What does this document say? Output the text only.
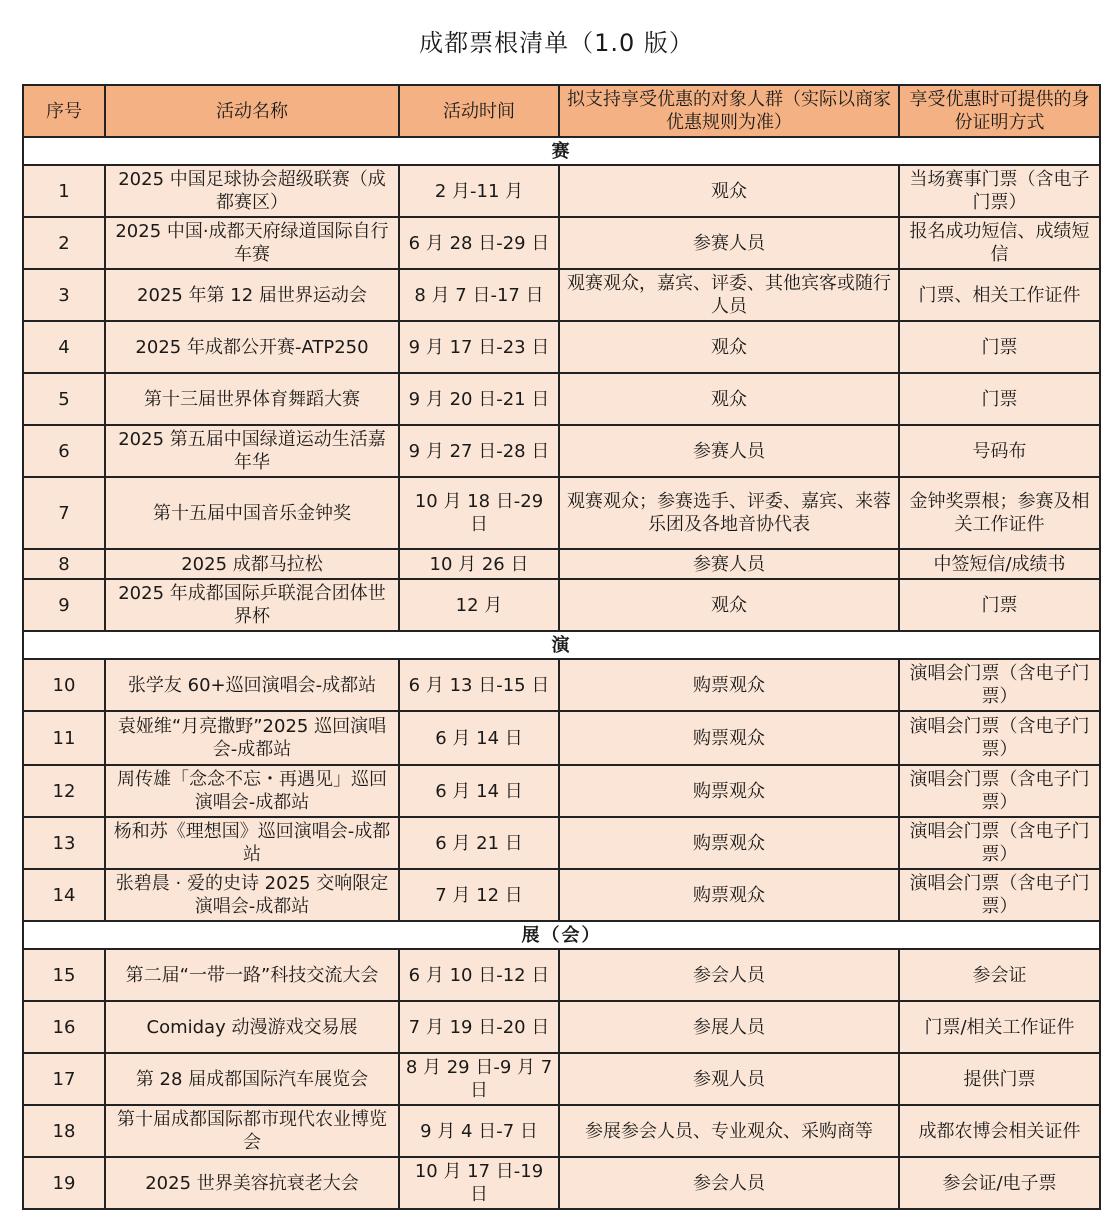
成都票根清单（1.0 版）
序号	活动名称	活动时间	拟支持享受优惠的对象人群（实际以商家优惠规则为准）	享受优惠时可提供的身份证明方式
赛				
1	2025 中国足球协会超级联赛（成都赛区）	2 月-11 月	观众	当场赛事门票（含电子门票）
2	2025 中国·成都天府绿道国际自行车赛	6 月 28 日-29 日	参赛人员	报名成功短信、成绩短信
3	2025 年第 12 届世界运动会	8 月 7 日-17 日	观赛观众，嘉宾、评委、其他宾客或随行人员	门票、相关工作证件
4	2025 年成都公开赛-ATP250	9 月 17 日-23 日	观众	门票
5	第十三届世界体育舞蹈大赛	9 月 20 日-21 日	观众	门票
6	2025 第五届中国绿道运动生活嘉年华	9 月 27 日-28 日	参赛人员	号码布
7	第十五届中国音乐金钟奖	10 月 18 日-29 日	观赛观众；参赛选手、评委、嘉宾、来蓉乐团及各地音协代表	金钟奖票根；参赛及相关工作证件
8	2025 成都马拉松	10 月 26 日	参赛人员	中签短信/成绩书
9	2025 年成都国际乒联混合团体世界杯	12 月	观众	门票
演				
10	张学友 60+巡回演唱会-成都站	6 月 13 日-15 日	购票观众	演唱会门票（含电子门票）
11	袁娅维“月亮撒野”2025 巡回演唱会-成都站	6 月 14 日	购票观众	演唱会门票（含电子门票）
12	周传雄「念念不忘・再遇见」巡回演唱会-成都站	6 月 14 日	购票观众	演唱会门票（含电子门票）
13	杨和苏《理想国》巡回演唱会-成都站	6 月 21 日	购票观众	演唱会门票（含电子门票）
14	张碧晨 · 爱的史诗 2025 交响限定演唱会-成都站	7 月 12 日	购票观众	演唱会门票（含电子门票）
展（会）				
15	第二届“一带一路”科技交流大会	6 月 10 日-12 日	参会人员	参会证
16	Comiday 动漫游戏交易展	7 月 19 日-20 日	参展人员	门票/相关工作证件
17	第 28 届成都国际汽车展览会	8 月 29 日-9 月 7 日	参观人员	提供门票
18	第十届成都国际都市现代农业博览会	9 月 4 日-7 日	参展参会人员、专业观众、采购商等	成都农博会相关证件
19	2025 世界美容抗衰老大会	10 月 17 日-19 日	参会人员	参会证/电子票
